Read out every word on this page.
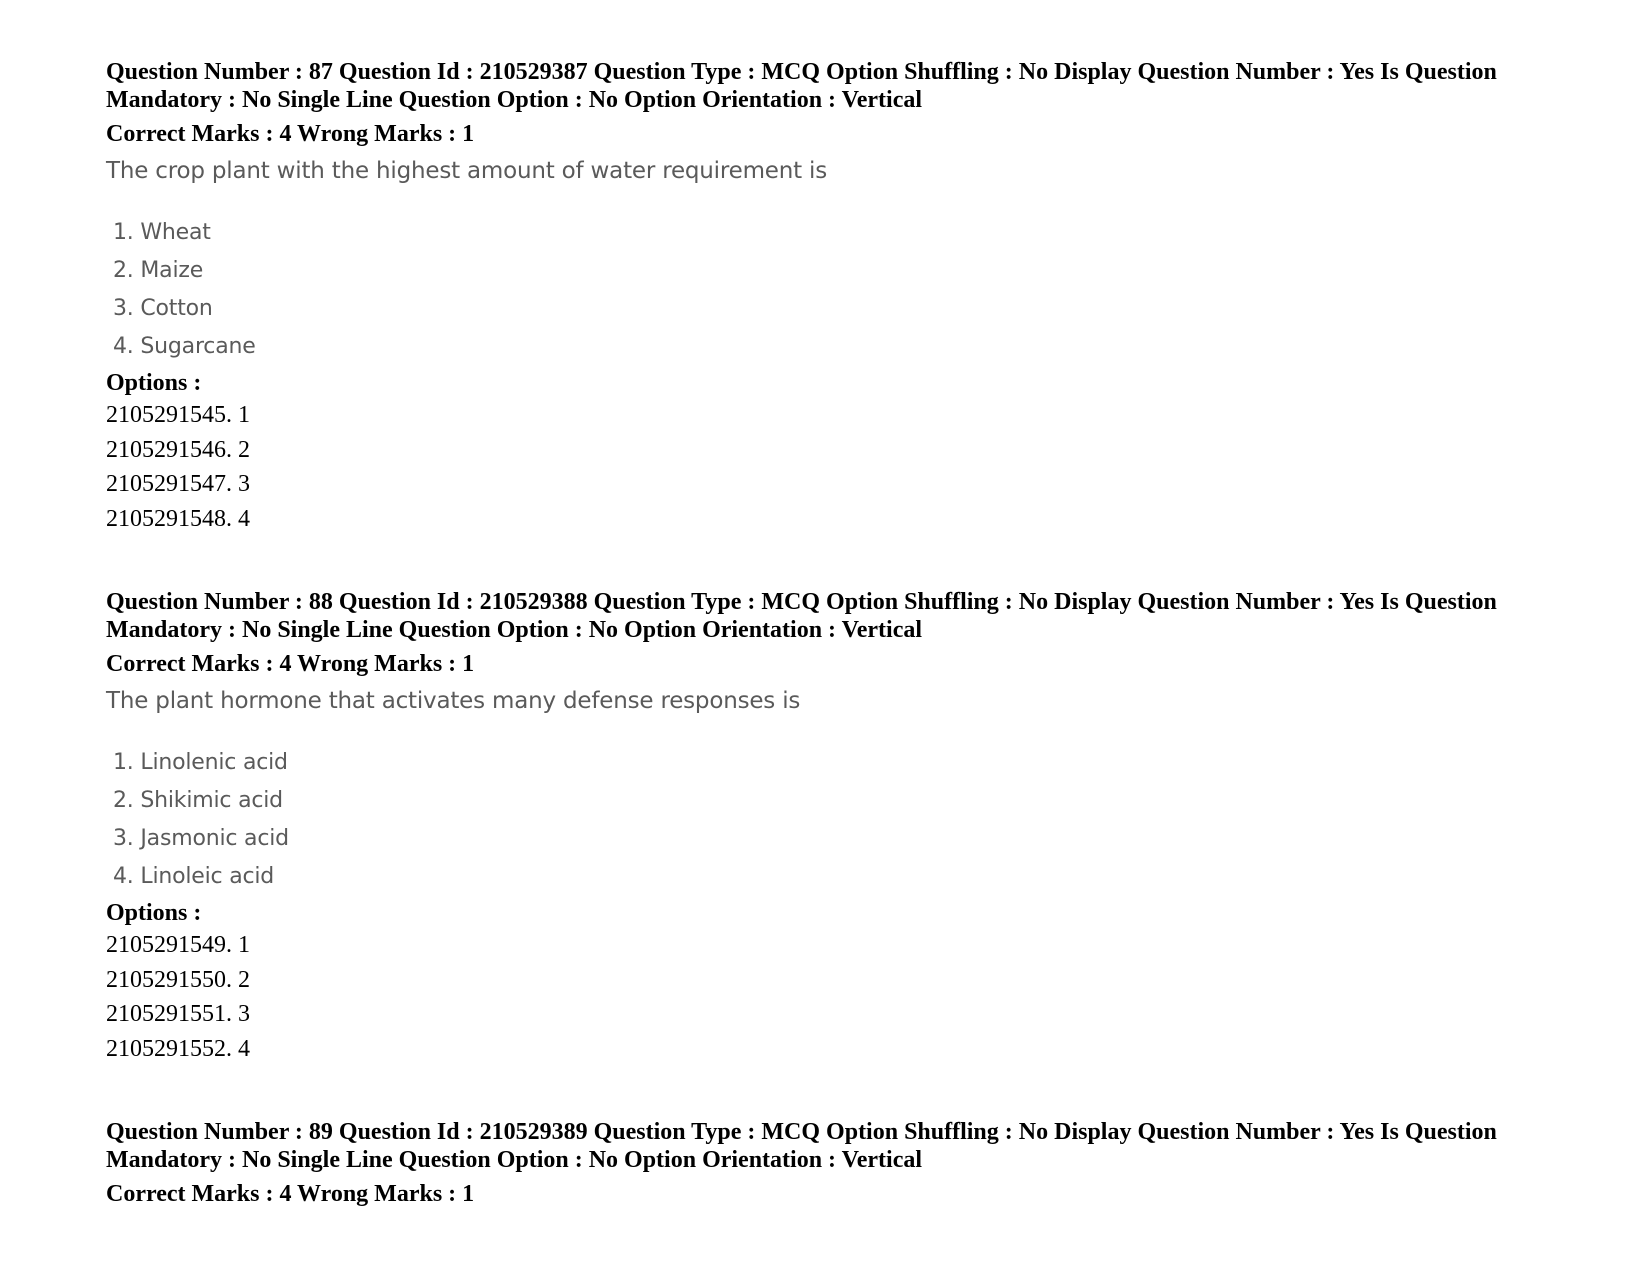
Question Number : 87 Question Id : 210529387 Question Type : MCQ Option Shuffling : No Display Question Number : Yes Is Question
Mandatory : No Single Line Question Option : No Option Orientation : Vertical
Correct Marks : 4 Wrong Marks : 1
The crop plant with the highest amount of water requirement is
1. Wheat
2. Maize
3. Cotton
4. Sugarcane
Options :
2105291545. 1
2105291546. 2
2105291547. 3
2105291548. 4
Question Number : 88 Question Id : 210529388 Question Type : MCQ Option Shuffling : No Display Question Number : Yes Is Question
Mandatory : No Single Line Question Option : No Option Orientation : Vertical
Correct Marks : 4 Wrong Marks : 1
The plant hormone that activates many defense responses is
1. Linolenic acid
2. Shikimic acid
3. Jasmonic acid
4. Linoleic acid
Options :
2105291549. 1
2105291550. 2
2105291551. 3
2105291552. 4
Question Number : 89 Question Id : 210529389 Question Type : MCQ Option Shuffling : No Display Question Number : Yes Is Question
Mandatory : No Single Line Question Option : No Option Orientation : Vertical
Correct Marks : 4 Wrong Marks : 1
